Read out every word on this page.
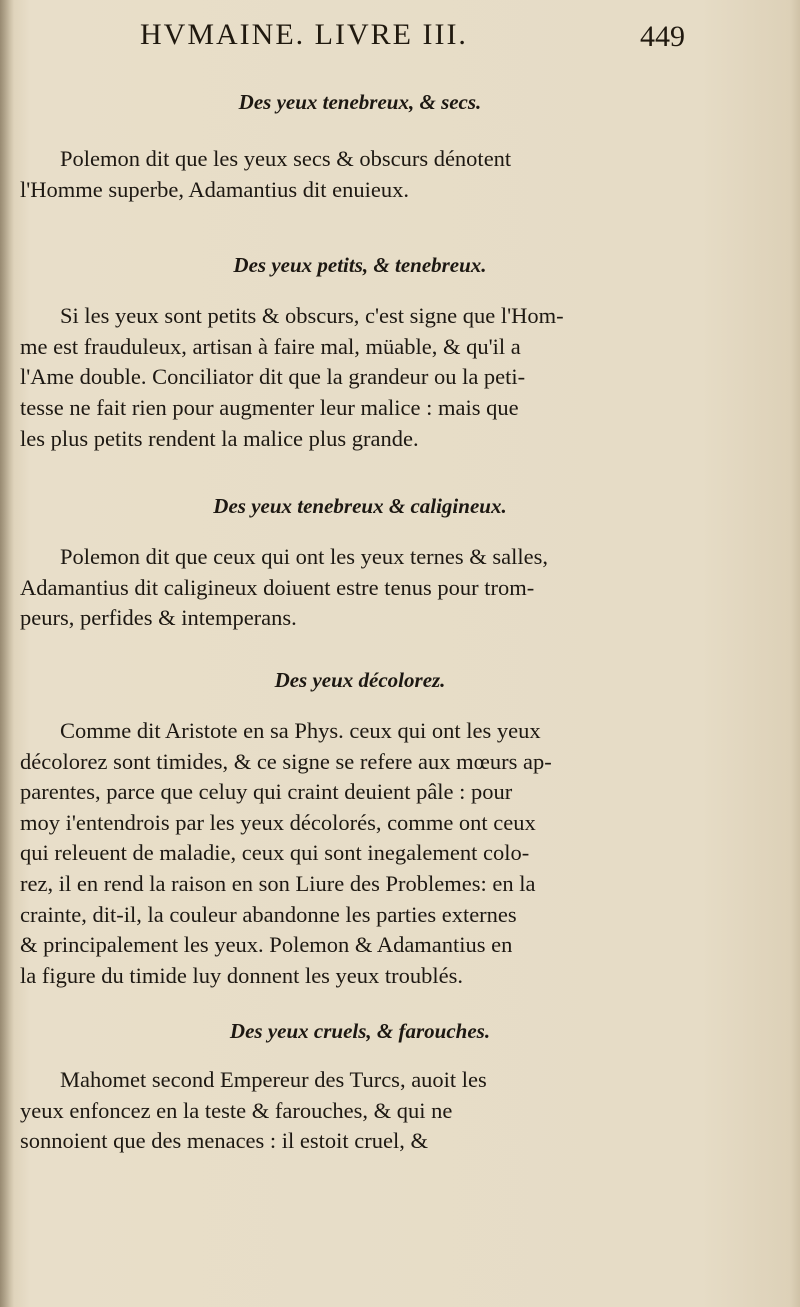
HVMAINE. LIVRE III.	449
Des yeux tenebreux, & secs.

Polemon dit que les yeux secs & obscurs dénotent
l'Homme superbe, Adamantius dit enuieux.

Des yeux petits, & tenebreux.

Si les yeux sont petits & obscurs, c'est signe que l'Hom-
me est frauduleux, artisan à faire mal, müable, & qu'il a
l'Ame double. Conciliator dit que la grandeur ou la peti-
tesse ne fait rien pour augmenter leur malice : mais que
les plus petits rendent la malice plus grande.

Des yeux tenebreux & caligineux.

Polemon dit que ceux qui ont les yeux ternes & salles,
Adamantius dit caligineux doiuent estre tenus pour trom-
peurs, perfides & intemperans.

Des yeux décolorez.

Comme dit Aristote en sa Phys. ceux qui ont les yeux
décolorez sont timides, & ce signe se refere aux mœurs ap-
parentes, parce que celuy qui craint deuient pâle : pour
moy i'entendrois par les yeux décolorés, comme ont ceux
qui releuent de maladie, ceux qui sont inegalement colo-
rez, il en rend la raison en son Liure des Problemes: en la
crainte, dit-il, la couleur abandonne les parties externes
& principalement les yeux. Polemon & Adamantius en
la figure du timide luy donnent les yeux troublés.

Des yeux cruels, & farouches.

Mahomet second Empereur des Turcs, auoit les
yeux enfoncez en la teste & farouches, & qui ne
sonnoient que des menaces : il estoit cruel, &
